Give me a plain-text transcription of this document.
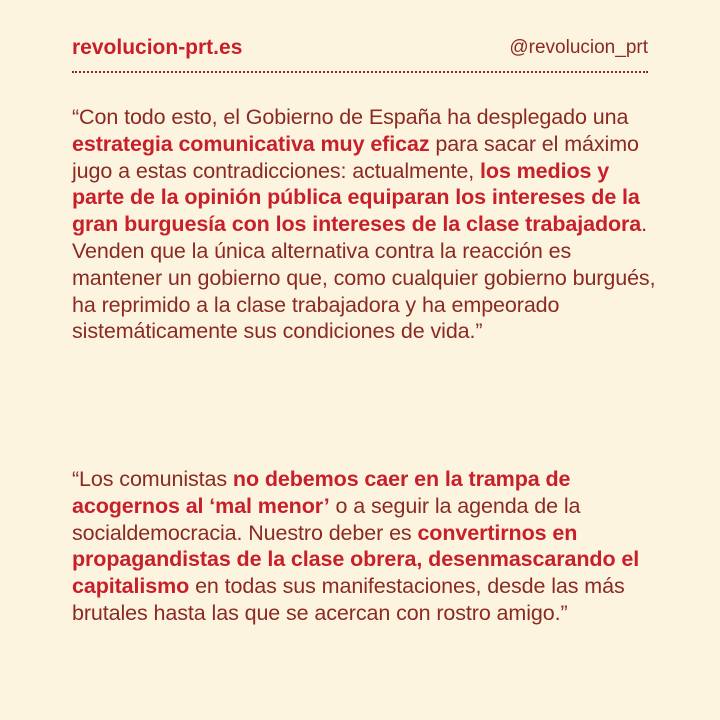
revolucion-prt.es	@revolucion_prt

“Con todo esto, el Gobierno de España ha desplegado una estrategia comunicativa muy eficaz para sacar el máximo jugo a estas contradicciones: actualmente, los medios y parte de la opinión pública equiparan los intereses de la gran burguesía con los intereses de la clase trabajadora. Venden que la única alternativa contra la reacción es mantener un gobierno que, como cualquier gobierno burgués, ha reprimido a la clase trabajadora y ha empeorado sistemáticamente sus condiciones de vida.”

“Los comunistas no debemos caer en la trampa de acogernos al ‘mal menor’ o a seguir la agenda de la socialdemocracia. Nuestro deber es convertirnos en propagandistas de la clase obrera, desenmascarando el capitalismo en todas sus manifestaciones, desde las más brutales hasta las que se acercan con rostro amigo.”
